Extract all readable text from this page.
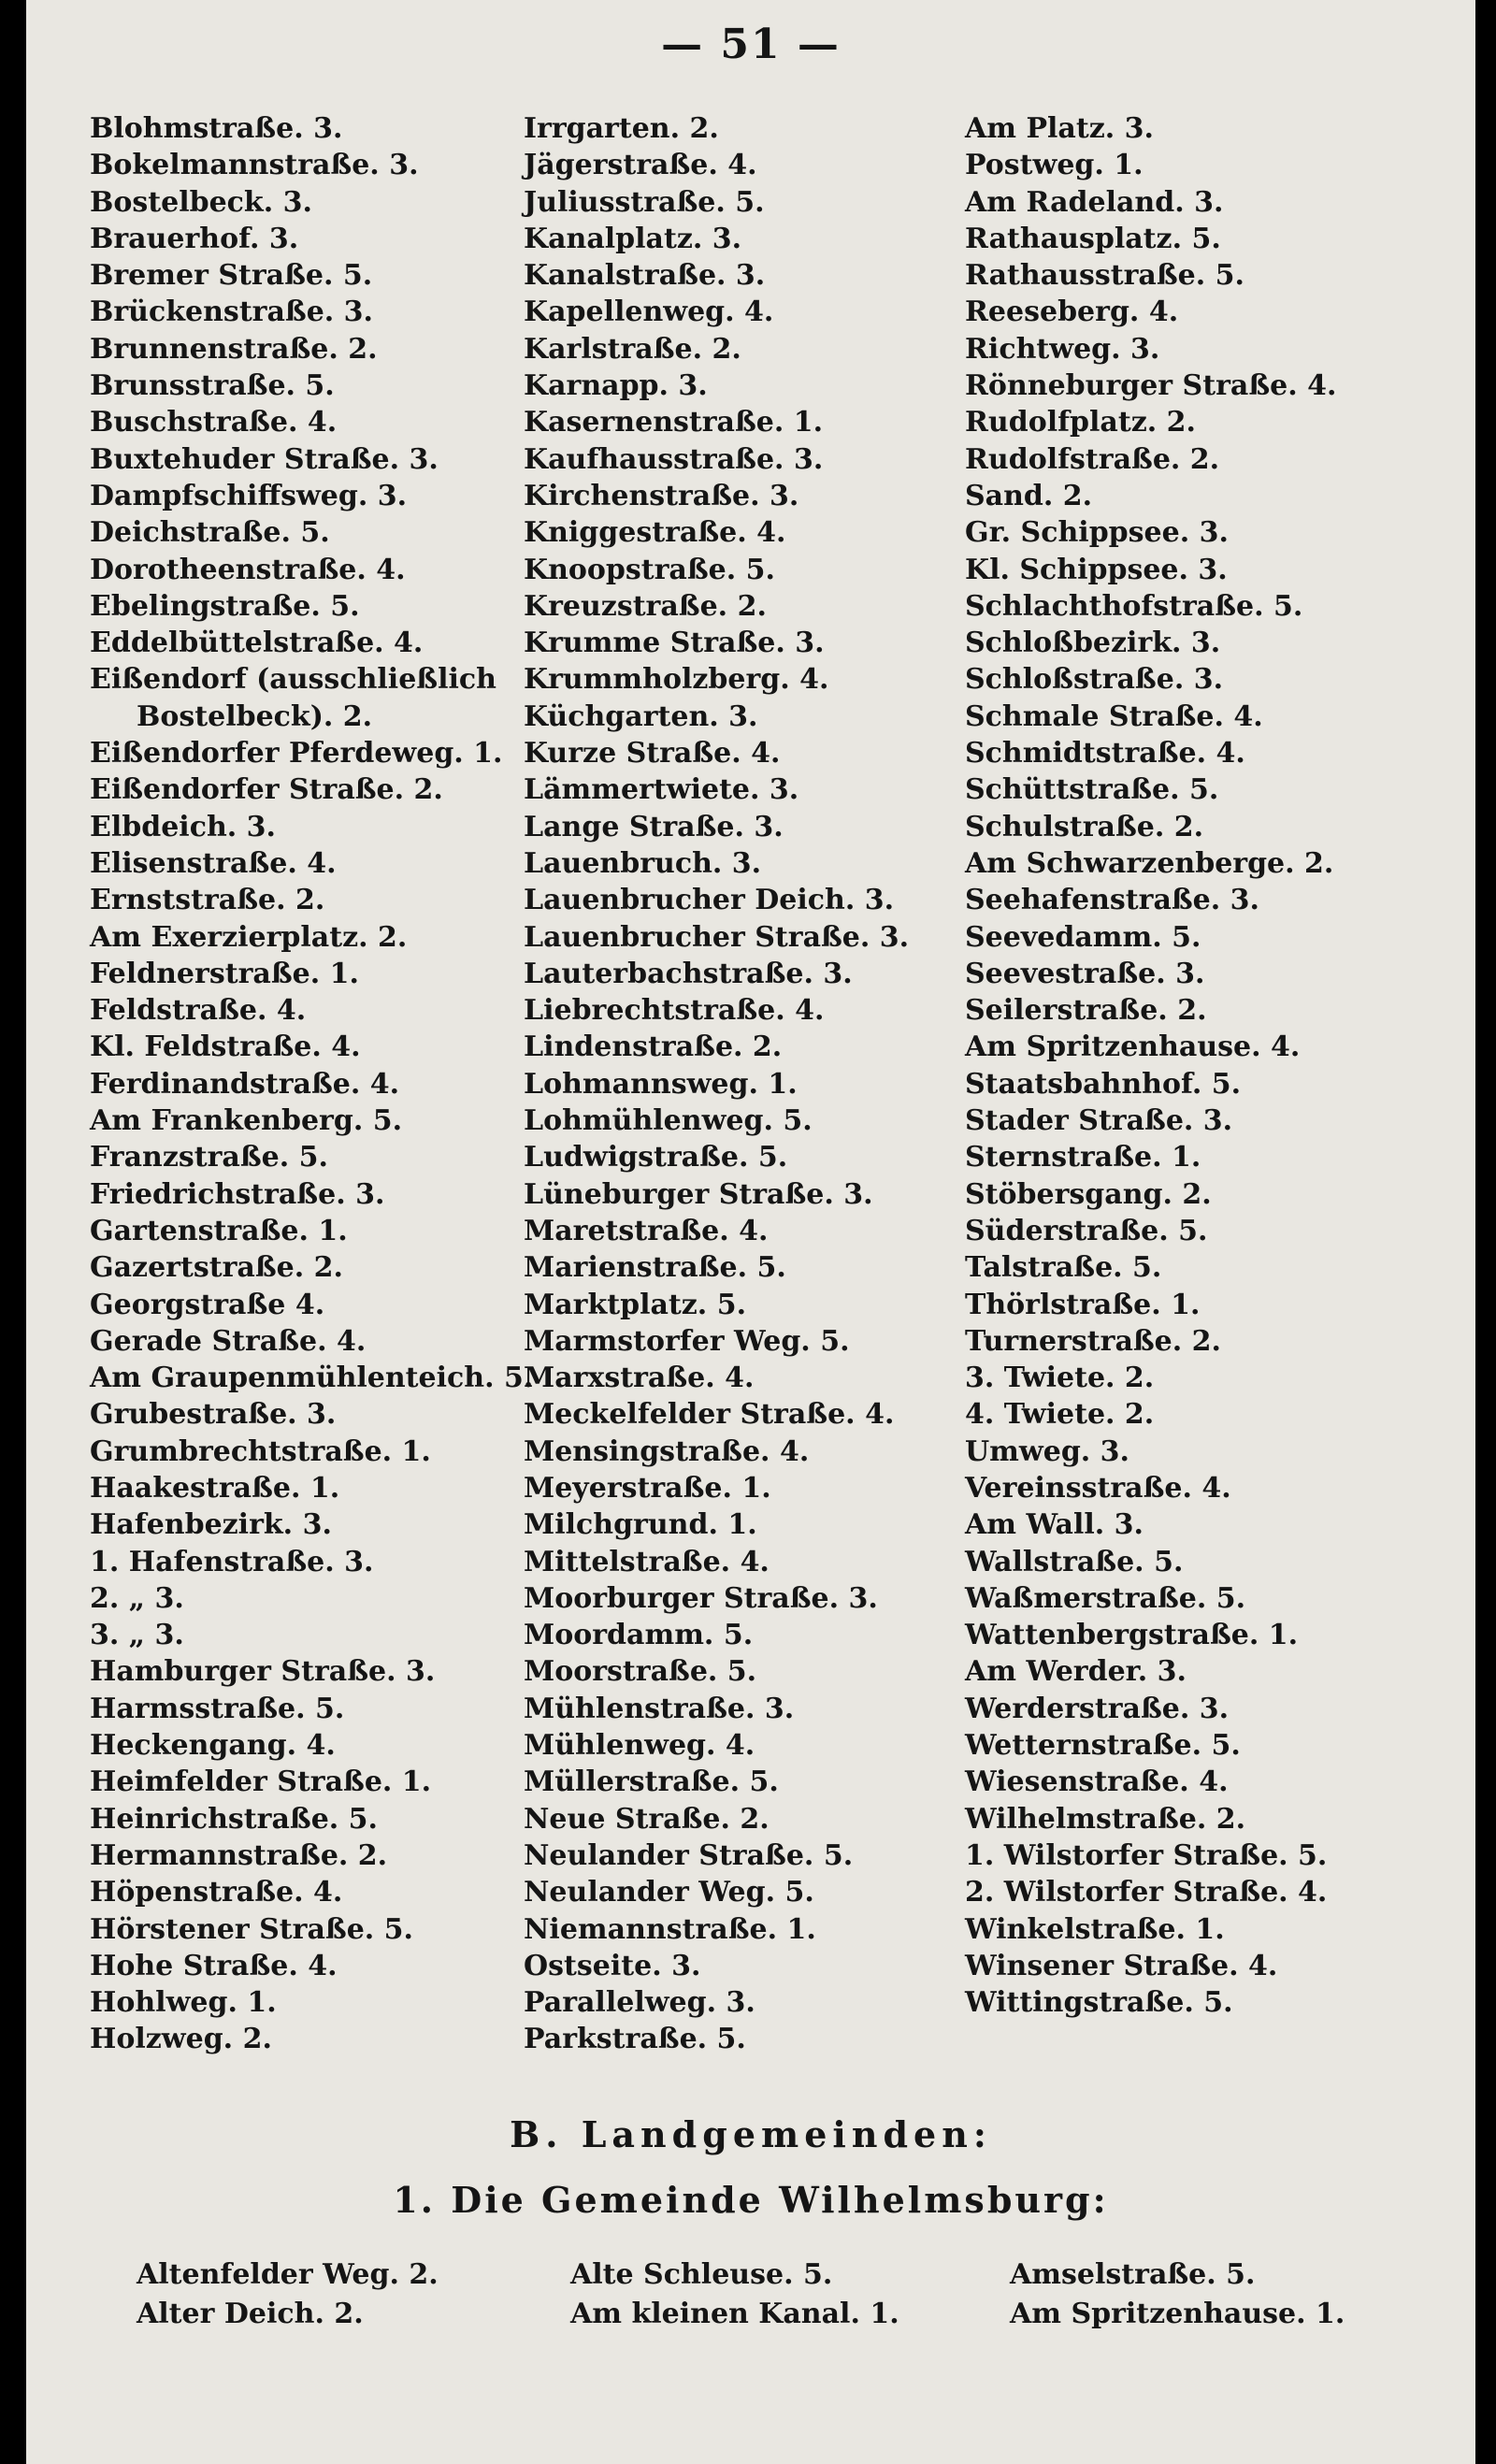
— 51 —
Blohmstraße. 3.
Bokelmannstraße. 3.
Bostelbeck. 3.
Brauerhof. 3.
Bremer Straße. 5.
Brückenstraße. 3.
Brunnenstraße. 2.
Brunsstraße. 5.
Buschstraße. 4.
Buxtehuder Straße. 3.
Dampfschiffsweg. 3.
Deichstraße. 5.
Dorotheenstraße. 4.
Ebelingstraße. 5.
Eddelbüttelstraße. 4.
Eißendorf (ausschließlich
Bostelbeck). 2.
Eißendorfer Pferdeweg. 1.
Eißendorfer Straße. 2.
Elbdeich. 3.
Elisenstraße. 4.
Ernststraße. 2.
Am Exerzierplatz. 2.
Feldnerstraße. 1.
Feldstraße. 4.
Kl. Feldstraße. 4.
Ferdinandstraße. 4.
Am Frankenberg. 5.
Franzstraße. 5.
Friedrichstraße. 3.
Gartenstraße. 1.
Gazertstraße. 2.
Georgstraße 4.
Gerade Straße. 4.
Am Graupenmühlenteich. 5.
Grubestraße. 3.
Grumbrechtstraße. 1.
Haakestraße. 1.
Hafenbezirk. 3.
1. Hafenstraße. 3.
2. „ 3.
3. „ 3.
Hamburger Straße. 3.
Harmsstraße. 5.
Heckengang. 4.
Heimfelder Straße. 1.
Heinrichstraße. 5.
Hermannstraße. 2.
Höpenstraße. 4.
Hörstener Straße. 5.
Hohe Straße. 4.
Hohlweg. 1.
Holzweg. 2.
Irrgarten. 2.
Jägerstraße. 4.
Juliusstraße. 5.
Kanalplatz. 3.
Kanalstraße. 3.
Kapellenweg. 4.
Karlstraße. 2.
Karnapp. 3.
Kasernenstraße. 1.
Kaufhausstraße. 3.
Kirchenstraße. 3.
Kniggestraße. 4.
Knoopstraße. 5.
Kreuzstraße. 2.
Krumme Straße. 3.
Krummholzberg. 4.
Küchgarten. 3.
Kurze Straße. 4.
Lämmertwiete. 3.
Lange Straße. 3.
Lauenbruch. 3.
Lauenbrucher Deich. 3.
Lauenbrucher Straße. 3.
Lauterbachstraße. 3.
Liebrechtstraße. 4.
Lindenstraße. 2.
Lohmannsweg. 1.
Lohmühlenweg. 5.
Ludwigstraße. 5.
Lüneburger Straße. 3.
Maretstraße. 4.
Marienstraße. 5.
Marktplatz. 5.
Marmstorfer Weg. 5.
Marxstraße. 4.
Meckelfelder Straße. 4.
Mensingstraße. 4.
Meyerstraße. 1.
Milchgrund. 1.
Mittelstraße. 4.
Moorburger Straße. 3.
Moordamm. 5.
Moorstraße. 5.
Mühlenstraße. 3.
Mühlenweg. 4.
Müllerstraße. 5.
Neue Straße. 2.
Neulander Straße. 5.
Neulander Weg. 5.
Niemannstraße. 1.
Ostseite. 3.
Parallelweg. 3.
Parkstraße. 5.
Am Platz. 3.
Postweg. 1.
Am Radeland. 3.
Rathausplatz. 5.
Rathausstraße. 5.
Reeseberg. 4.
Richtweg. 3.
Rönneburger Straße. 4.
Rudolfplatz. 2.
Rudolfstraße. 2.
Sand. 2.
Gr. Schippsee. 3.
Kl. Schippsee. 3.
Schlachthofstraße. 5.
Schloßbezirk. 3.
Schloßstraße. 3.
Schmale Straße. 4.
Schmidtstraße. 4.
Schüttstraße. 5.
Schulstraße. 2.
Am Schwarzenberge. 2.
Seehafenstraße. 3.
Seevedamm. 5.
Seevestraße. 3.
Seilerstraße. 2.
Am Spritzenhause. 4.
Staatsbahnhof. 5.
Stader Straße. 3.
Sternstraße. 1.
Stöbersgang. 2.
Süderstraße. 5.
Talstraße. 5.
Thörlstraße. 1.
Turnerstraße. 2.
3. Twiete. 2.
4. Twiete. 2.
Umweg. 3.
Vereinsstraße. 4.
Am Wall. 3.
Wallstraße. 5.
Waßmerstraße. 5.
Wattenbergstraße. 1.
Am Werder. 3.
Werderstraße. 3.
Wetternstraße. 5.
Wiesenstraße. 4.
Wilhelmstraße. 2.
1. Wilstorfer Straße. 5.
2. Wilstorfer Straße. 4.
Winkelstraße. 1.
Winsener Straße. 4.
Wittingstraße. 5.
B. Landgemeinden:
1. Die Gemeinde Wilhelmsburg:
Altenfelder Weg. 2.
Alter Deich. 2.
Alte Schleuse. 5.
Am kleinen Kanal. 1.
Amselstraße. 5.
Am Spritzenhause. 1.
